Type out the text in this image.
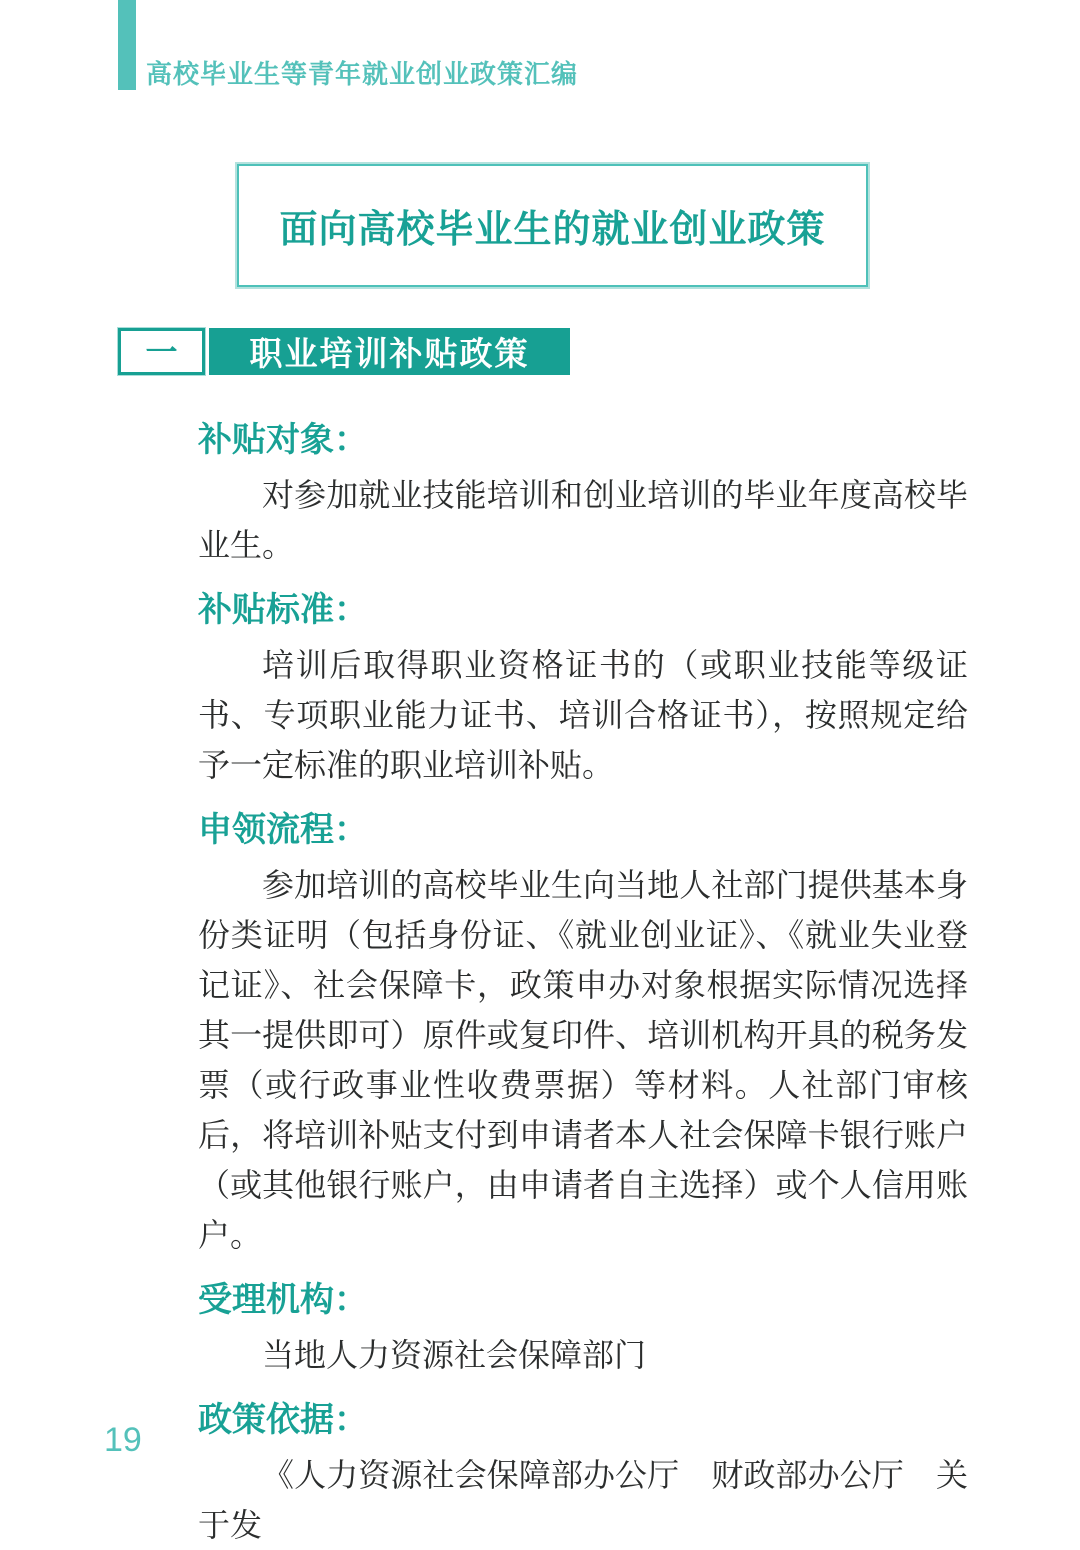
高校毕业生等青年就业创业政策汇编
面向高校毕业生的就业创业政策
一 职业培训补贴政策
补贴对象：

对参加就业技能培训和创业培训的毕业年度高校毕业生。

补贴标准：

培训后取得职业资格证书的（或职业技能等级证书、专项职业能力证书、培训合格证书），按照规定给予一定标准的职业培训补贴。

申领流程：

参加培训的高校毕业生向当地人社部门提供基本身份类证明（包括身份证、《就业创业证》、《就业失业登记证》、社会保障卡，政策申办对象根据实际情况选择其一提供即可）原件或复印件、培训机构开具的税务发票（或行政事业性收费票据）等材料。人社部门审核后，将培训补贴支付到申请者本人社会保障卡银行账户（或其他银行账户，由申请者自主选择）或个人信用账户。

受理机构：

当地人力资源社会保障部门

政策依据：

《人力资源社会保障部办公厅　财政部办公厅　关于发

19
